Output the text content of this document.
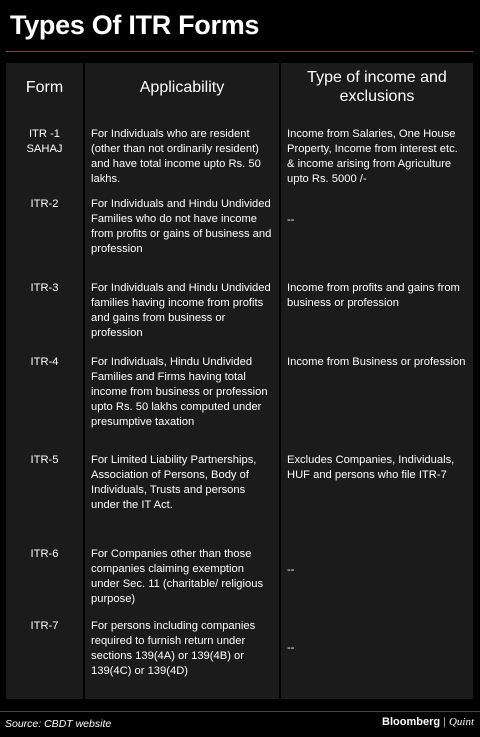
Types Of ITR Forms
Form	Applicability	Type of income and exclusions
ITR -1 SAHAJ	For Individuals who are resident (other than not ordinarily resident) and have total income upto Rs. 50 lakhs.	Income from Salaries, One House Property, Income from interest etc. & income arising from Agriculture upto Rs. 5000 /-
ITR-2	For Individuals and Hindu Undivided Families who do not have income from profits or gains of business and profession	--
ITR-3	For Individuals and Hindu Undivided families having income from profits and gains from business or profession	Income from profits and gains from business or profession
ITR-4	For Individuals, Hindu Undivided Families and Firms having total income from business or profession upto Rs. 50 lakhs computed under presumptive taxation	Income from Business or profession
ITR-5	For Limited Liability Partnerships, Association of Persons, Body of Individuals, Trusts and persons under the IT Act.	Excludes Companies, Individuals, HUF and persons who file ITR-7
ITR-6	For Companies other than those companies claiming exemption under Sec. 11 (charitable/ religious purpose)	--
ITR-7	For persons including companies required to furnish return under sections 139(4A) or 139(4B) or 139(4C) or 139(4D)	--
Source: CBDT website	Bloomberg | Quint
